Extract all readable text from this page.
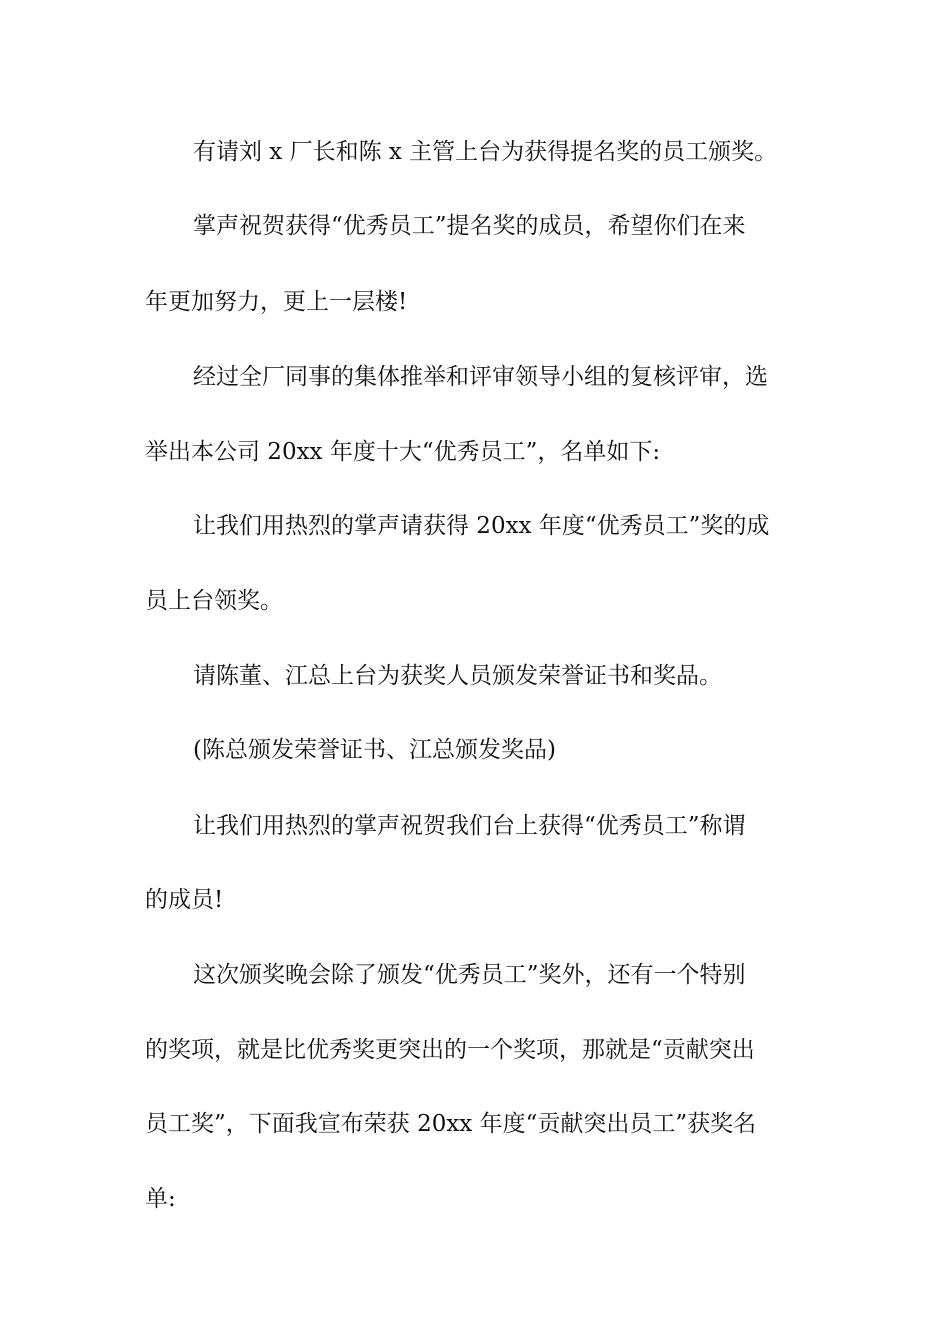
有请刘 x 厂长和陈 x 主管上台为获得提名奖的员工颁奖。

掌声祝贺获得“优秀员工”提名奖的成员，希望你们在来

年更加努力，更上一层楼!

经过全厂同事的集体推举和评审领导小组的复核评审，选

举出本公司 20xx 年度十大“优秀员工”，名单如下:

让我们用热烈的掌声请获得 20xx 年度“优秀员工”奖的成

员上台领奖。

请陈董、江总上台为获奖人员颁发荣誉证书和奖品。

(陈总颁发荣誉证书、江总颁发奖品)

让我们用热烈的掌声祝贺我们台上获得“优秀员工”称谓

的成员!

这次颁奖晚会除了颁发“优秀员工”奖外，还有一个特别

的奖项，就是比优秀奖更突出的一个奖项，那就是“贡献突出

员工奖”，下面我宣布荣获 20xx 年度“贡献突出员工”获奖名

单:
